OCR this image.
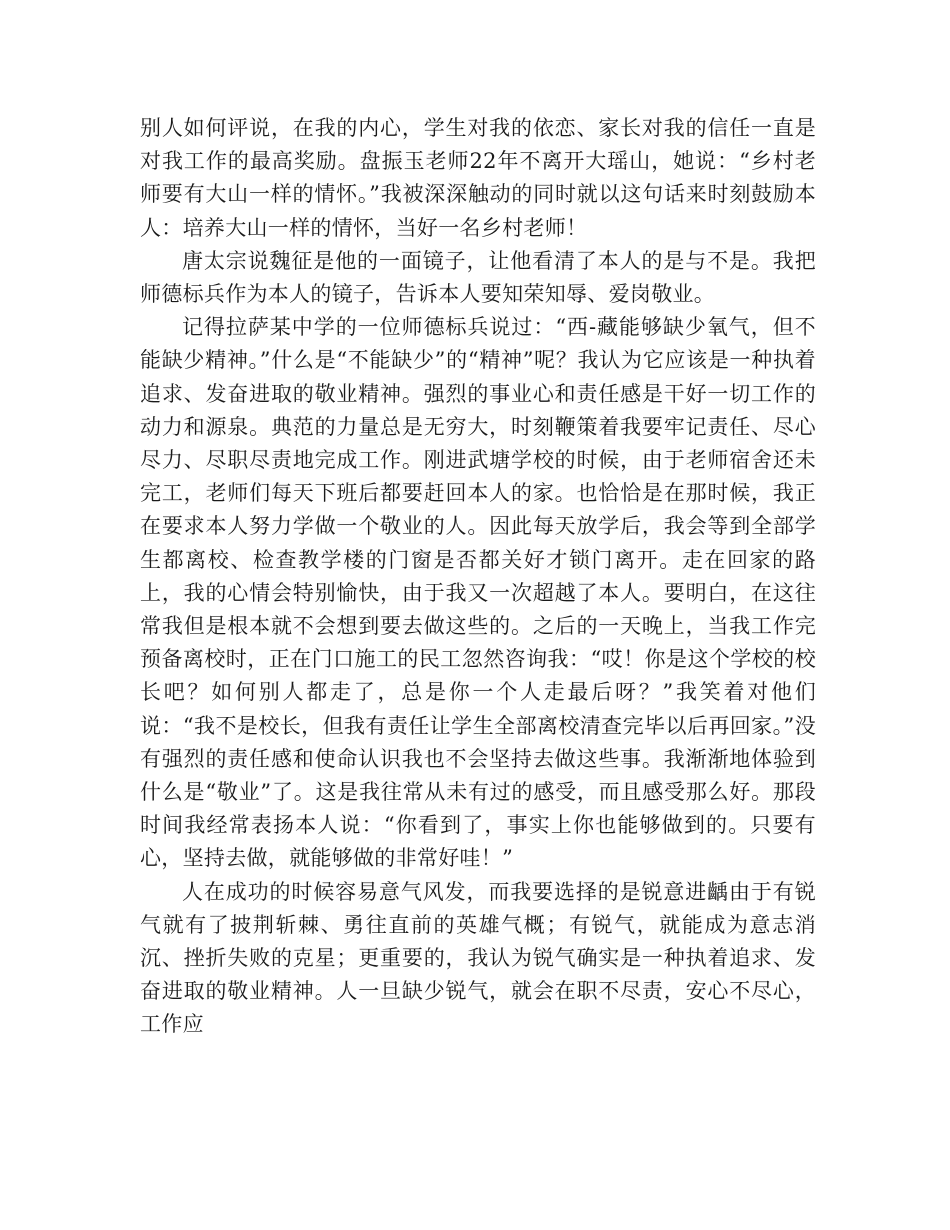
别人如何评说，在我的内心，学生对我的依恋、家长对我的信任一直是对我工作的最高奖励。盘振玉老师22年不离开大瑶山，她说：“乡村老师要有大山一样的情怀。”我被深深触动的同时就以这句话来时刻鼓励本人：培养大山一样的情怀，当好一名乡村老师！

唐太宗说魏征是他的一面镜子，让他看清了本人的是与不是。我把师德标兵作为本人的镜子，告诉本人要知荣知辱、爱岗敬业。

记得拉萨某中学的一位师德标兵说过：“西-藏能够缺少氧气，但不能缺少精神。”什么是“不能缺少”的“精神”呢？我认为它应该是一种执着追求、发奋进取的敬业精神。强烈的事业心和责任感是干好一切工作的动力和源泉。典范的力量总是无穷大，时刻鞭策着我要牢记责任、尽心尽力、尽职尽责地完成工作。刚进武塘学校的时候，由于老师宿舍还未完工，老师们每天下班后都要赶回本人的家。也恰恰是在那时候，我正在要求本人努力学做一个敬业的人。因此每天放学后，我会等到全部学生都离校、检查教学楼的门窗是否都关好才锁门离开。走在回家的路上，我的心情会特别愉快，由于我又一次超越了本人。要明白，在这往常我但是根本就不会想到要去做这些的。之后的一天晚上，当我工作完预备离校时，正在门口施工的民工忽然咨询我：“哎！你是这个学校的校长吧？如何别人都走了，总是你一个人走最后呀？”我笑着对他们说：“我不是校长，但我有责任让学生全部离校清查完毕以后再回家。”没有强烈的责任感和使命认识我也不会坚持去做这些事。我渐渐地体验到什么是“敬业”了。这是我往常从未有过的感受，而且感受那么好。那段时间我经常表扬本人说：“你看到了，事实上你也能够做到的。只要有心，坚持去做，就能够做的非常好哇！”

人在成功的时候容易意气风发，而我要选择的是锐意进齲由于有锐气就有了披荆斩棘、勇往直前的英雄气概；有锐气，就能成为意志消沉、挫折失败的克星；更重要的，我认为锐气确实是一种执着追求、发奋进取的敬业精神。人一旦缺少锐气，就会在职不尽责，安心不尽心，工作应
